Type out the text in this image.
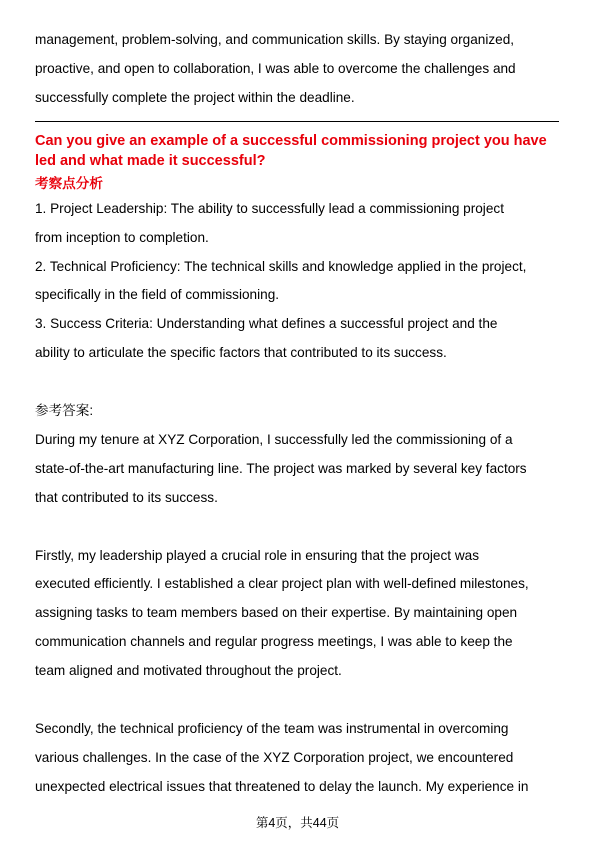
management, problem-solving, and communication skills. By staying organized,
proactive, and open to collaboration, I was able to overcome the challenges and
successfully complete the project within the deadline.
Can you give an example of a successful commissioning project you have
led and what made it successful?
考察点分析
1. Project Leadership: The ability to successfully lead a commissioning project
from inception to completion.
2. Technical Proficiency: The technical skills and knowledge applied in the project,
specifically in the field of commissioning.
3. Success Criteria: Understanding what defines a successful project and the
ability to articulate the specific factors that contributed to its success.
参考答案:
During my tenure at XYZ Corporation, I successfully led the commissioning of a
state-of-the-art manufacturing line. The project was marked by several key factors
that contributed to its success.
Firstly, my leadership played a crucial role in ensuring that the project was
executed efficiently. I established a clear project plan with well-defined milestones,
assigning tasks to team members based on their expertise. By maintaining open
communication channels and regular progress meetings, I was able to keep the
team aligned and motivated throughout the project.
Secondly, the technical proficiency of the team was instrumental in overcoming
various challenges. In the case of the XYZ Corporation project, we encountered
unexpected electrical issues that threatened to delay the launch. My experience in
第4页，共44页
